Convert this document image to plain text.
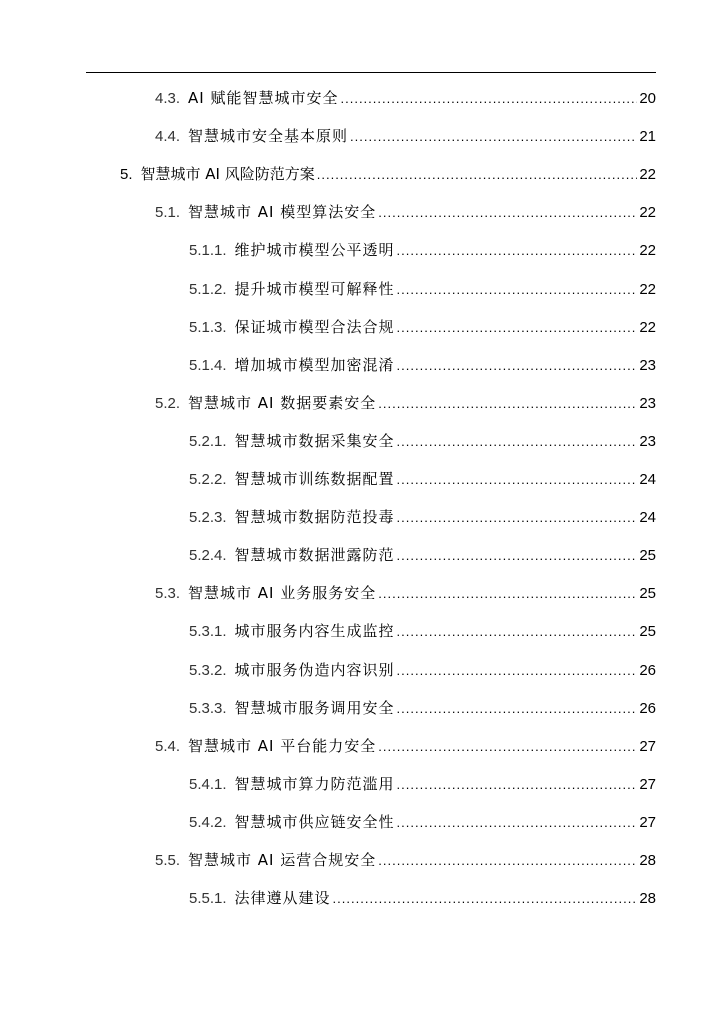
4.3. AI 赋能智慧城市安全 .....	20
4.4. 智慧城市安全基本原则 .....	21
5. 智慧城市 AI 风险防范方案 .....	22
5.1. 智慧城市 AI 模型算法安全 .....	22
5.1.1. 维护城市模型公平透明 .....	22
5.1.2. 提升城市模型可解释性 .....	22
5.1.3. 保证城市模型合法合规 .....	22
5.1.4. 增加城市模型加密混淆 .....	23
5.2. 智慧城市 AI 数据要素安全 .....	23
5.2.1. 智慧城市数据采集安全 .....	23
5.2.2. 智慧城市训练数据配置 .....	24
5.2.3. 智慧城市数据防范投毒 .....	24
5.2.4. 智慧城市数据泄露防范 .....	25
5.3. 智慧城市 AI 业务服务安全 .....	25
5.3.1. 城市服务内容生成监控 .....	25
5.3.2. 城市服务伪造内容识别 .....	26
5.3.3. 智慧城市服务调用安全 .....	26
5.4. 智慧城市 AI 平台能力安全 .....	27
5.4.1. 智慧城市算力防范滥用 .....	27
5.4.2. 智慧城市供应链安全性 .....	27
5.5. 智慧城市 AI 运营合规安全 .....	28
5.5.1. 法律遵从建设 .....	28
